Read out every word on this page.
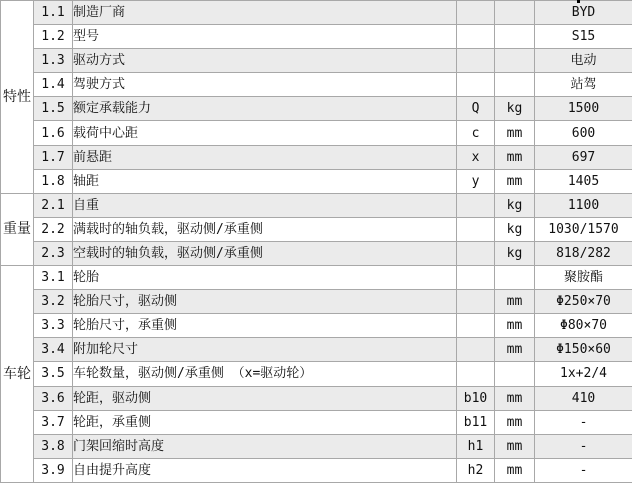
特性	1.1	制造厂商			BYD
	1.2	型号			S15
	1.3	驱动方式			电动
	1.4	驾驶方式			站驾
	1.5	额定承载能力	Q	kg	1500
	1.6	载荷中心距	c	mm	600
	1.7	前悬距	x	mm	697
	1.8	轴距	y	mm	1405
重量	2.1	自重		kg	1100
	2.2	满载时的轴负载，驱动侧/承重侧		kg	1030/1570
	2.3	空载时的轴负载，驱动侧/承重侧		kg	818/282
车轮	3.1	轮胎			聚胺酯
	3.2	轮胎尺寸，驱动侧		mm	Φ250×70
	3.3	轮胎尺寸，承重侧		mm	Φ80×70
	3.4	附加轮尺寸		mm	Φ150×60
	3.5	车轮数量，驱动侧/承重侧 （x=驱动轮）			1x+2/4
	3.6	轮距，驱动侧	b10	mm	410
	3.7	轮距，承重侧	b11	mm	-
	3.8	门架回缩时高度	h1	mm	-
	3.9	自由提升高度	h2	mm	-
